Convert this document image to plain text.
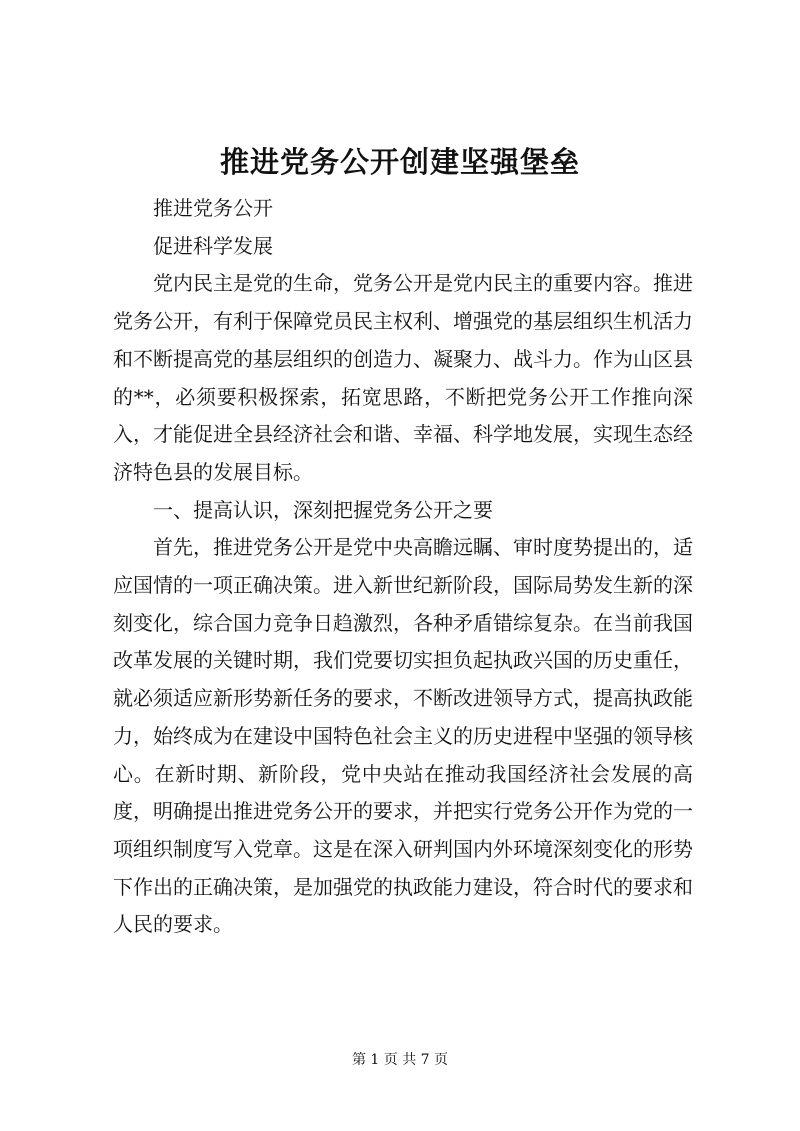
推进党务公开创建坚强堡垒

推进党务公开

促进科学发展

党内民主是党的生命，党务公开是党内民主的重要内容。推进党务公开，有利于保障党员民主权利、增强党的基层组织生机活力和不断提高党的基层组织的创造力、凝聚力、战斗力。作为山区县的**，必须要积极探索，拓宽思路，不断把党务公开工作推向深入，才能促进全县经济社会和谐、幸福、科学地发展，实现生态经济特色县的发展目标。

一、提高认识，深刻把握党务公开之要

首先，推进党务公开是党中央高瞻远瞩、审时度势提出的，适应国情的一项正确决策。进入新世纪新阶段，国际局势发生新的深刻变化，综合国力竞争日趋激烈，各种矛盾错综复杂。在当前我国改革发展的关键时期，我们党要切实担负起执政兴国的历史重任，就必须适应新形势新任务的要求，不断改进领导方式，提高执政能力，始终成为在建设中国特色社会主义的历史进程中坚强的领导核心。在新时期、新阶段，党中央站在推动我国经济社会发展的高度，明确提出推进党务公开的要求，并把实行党务公开作为党的一项组织制度写入党章。这是在深入研判国内外环境深刻变化的形势下作出的正确决策，是加强党的执政能力建设，符合时代的要求和人民的要求。

第 1 页 共 7 页
